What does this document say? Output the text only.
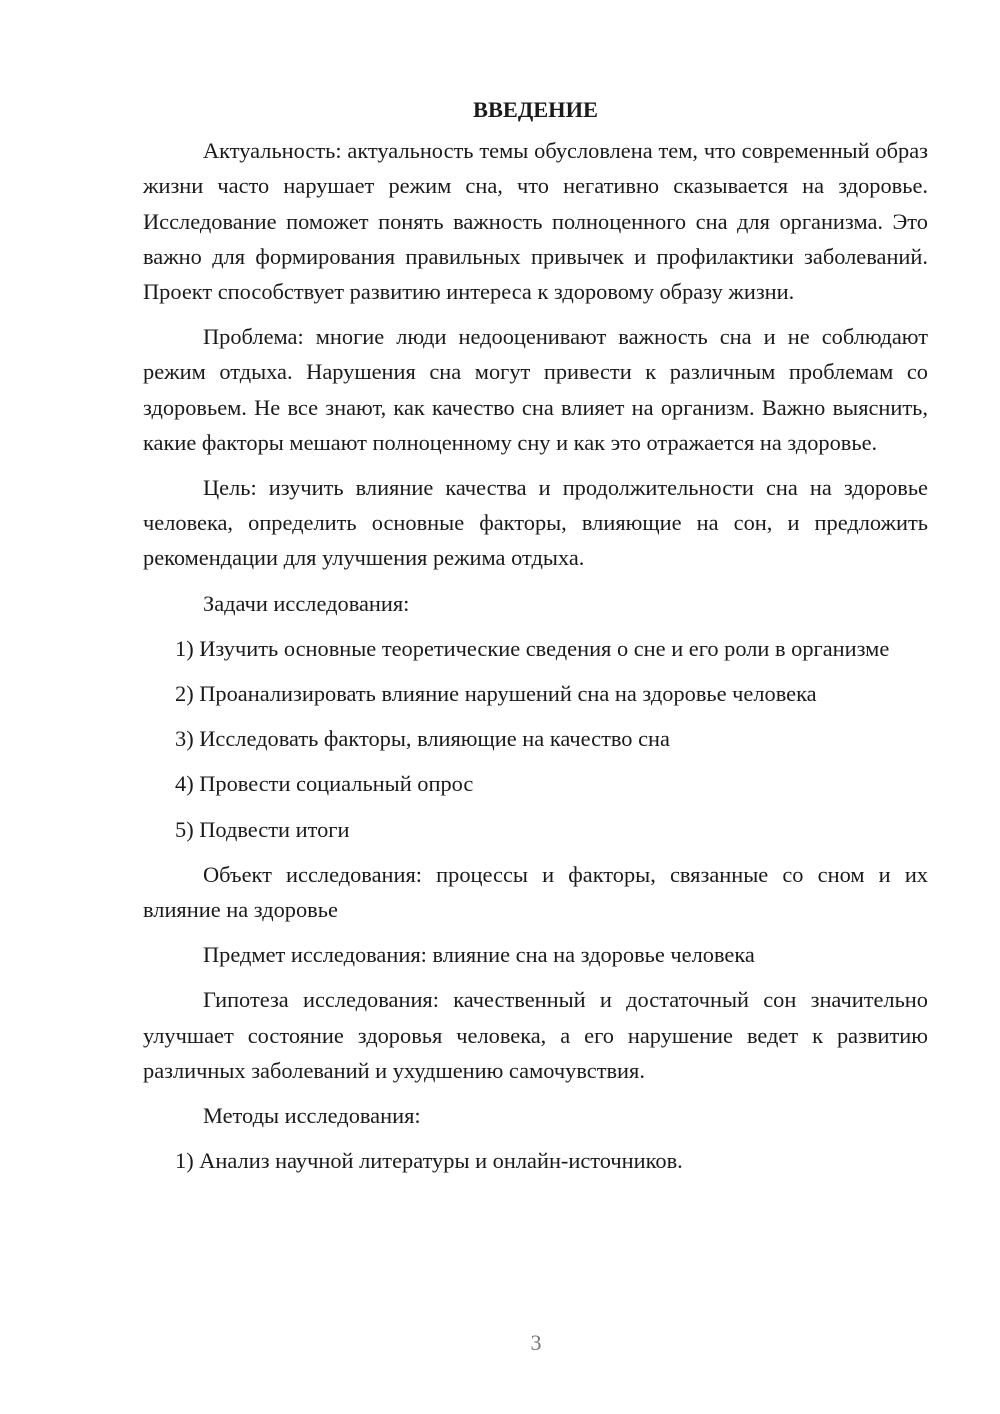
ВВЕДЕНИЕ

Актуальность: актуальность темы обусловлена тем, что современный образ жизни часто нарушает режим сна, что негативно сказывается на здоровье. Исследование поможет понять важность полноценного сна для организма. Это важно для формирования правильных привычек и профилактики заболеваний. Проект способствует развитию интереса к здоровому образу жизни.

Проблема: многие люди недооценивают важность сна и не соблюдают режим отдыха. Нарушения сна могут привести к различным проблемам со здоровьем. Не все знают, как качество сна влияет на организм. Важно выяснить, какие факторы мешают полноценному сну и как это отражается на здоровье.

Цель: изучить влияние качества и продолжительности сна на здоровье человека, определить основные факторы, влияющие на сон, и предложить рекомендации для улучшения режима отдыха.

Задачи исследования:

1) Изучить основные теоретические сведения о сне и его роли в организме

2) Проанализировать влияние нарушений сна на здоровье человека

3) Исследовать факторы, влияющие на качество сна

4) Провести социальный опрос

5) Подвести итоги

Объект исследования: процессы и факторы, связанные со сном и их влияние на здоровье

Предмет исследования: влияние сна на здоровье человека

Гипотеза исследования: качественный и достаточный сон значительно улучшает состояние здоровья человека, а его нарушение ведет к развитию различных заболеваний и ухудшению самочувствия.

Методы исследования:

1) Анализ научной литературы и онлайн-источников.

3
